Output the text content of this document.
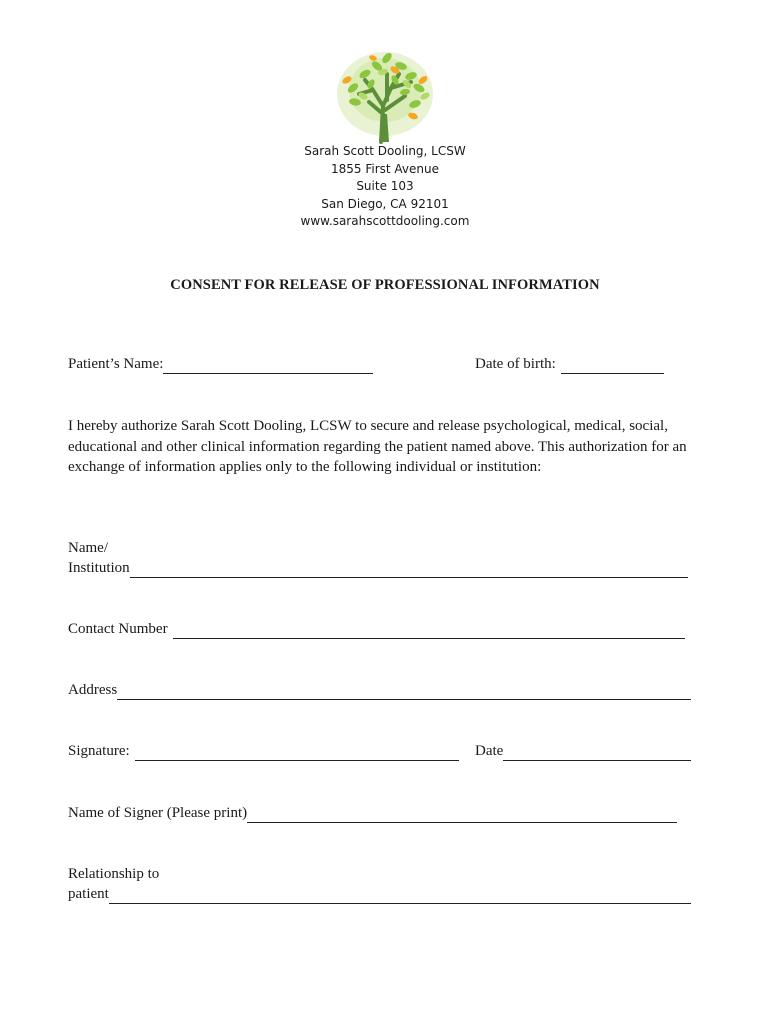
Sarah Scott Dooling, LCSW
1855 First Avenue
Suite 103
San Diego, CA 92101
www.sarahscottdooling.com
CONSENT FOR RELEASE OF PROFESSIONAL INFORMATION
Patient’s Name:	Date of birth:
I hereby authorize Sarah Scott Dooling, LCSW to secure and release psychological, medical, social, educational and other clinical information regarding the patient named above. This authorization for an exchange of information applies only to the following individual or institution:
Name/
Institution
Contact Number
Address
Signature:	Date
Name of Signer (Please print)
Relationship to
patient
